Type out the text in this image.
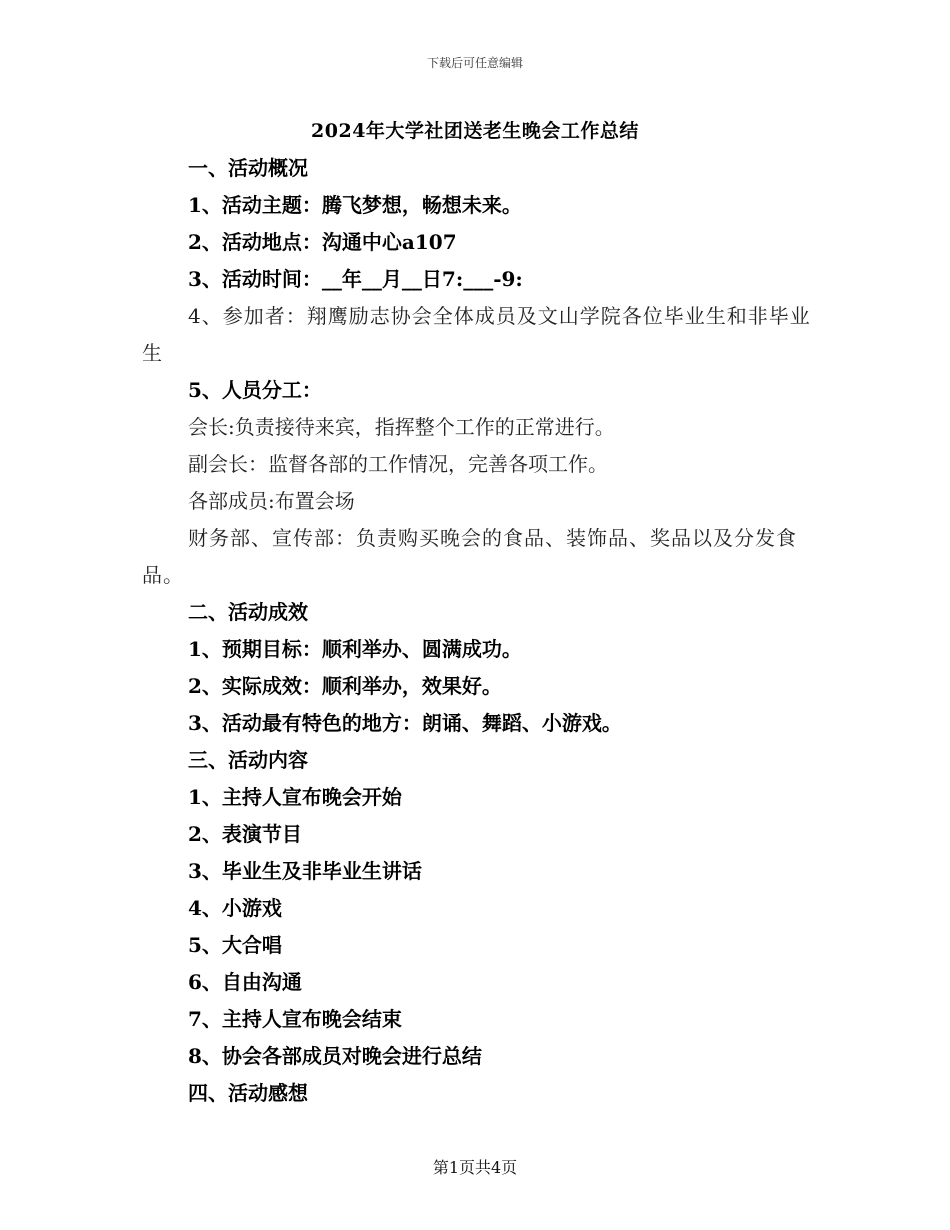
下载后可任意编辑
2024年大学社团送老生晚会工作总结
一、活动概况
1、活动主题：腾飞梦想，畅想未来。
2、活动地点：沟通中心a107
3、活动时间：__年__月__日7:___-9:
4、参加者：翔鹰励志协会全体成员及文山学院各位毕业生和非毕业生
5、人员分工：
会长:负责接待来宾，指挥整个工作的正常进行。
副会长：监督各部的工作情况，完善各项工作。
各部成员:布置会场
财务部、宣传部：负责购买晚会的食品、装饰品、奖品以及分发食品。
二、活动成效
1、预期目标：顺利举办、圆满成功。
2、实际成效：顺利举办，效果好。
3、活动最有特色的地方：朗诵、舞蹈、小游戏。
三、活动内容
1、主持人宣布晚会开始
2、表演节目
3、毕业生及非毕业生讲话
4、小游戏
5、大合唱
6、自由沟通
7、主持人宣布晚会结束
8、协会各部成员对晚会进行总结
四、活动感想
第1页共4页
